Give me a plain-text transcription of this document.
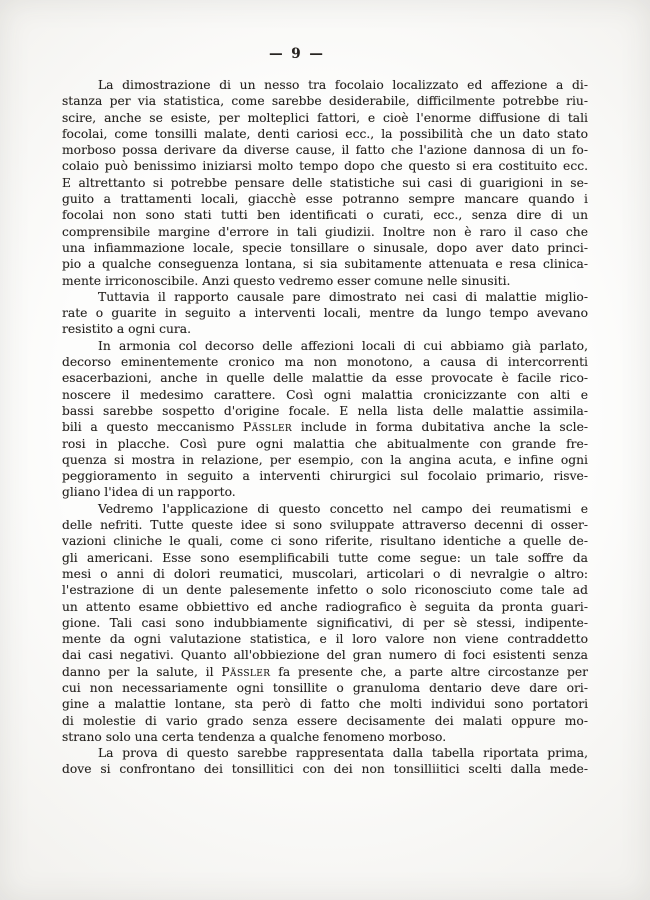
— 9 —
La dimostrazione di un nesso tra focolaio localizzato ed affezione a di-
stanza per via statistica, come sarebbe desiderabile, difficilmente potrebbe riu-
scire, anche se esiste, per molteplici fattori, e cioè l'enorme diffusione di tali
focolai, come tonsilli malate, denti cariosi ecc., la possibilità che un dato stato
morboso possa derivare da diverse cause, il fatto che l'azione dannosa di un fo-
colaio può benissimo iniziarsi molto tempo dopo che questo si era costituito ecc.
E altrettanto si potrebbe pensare delle statistiche sui casi di guarigioni in se-
guito a trattamenti locali, giacchè esse potranno sempre mancare quando i
focolai non sono stati tutti ben identificati o curati, ecc., senza dire di un
comprensibile margine d'errore in tali giudizii. Inoltre non è raro il caso che
una infiammazione locale, specie tonsillare o sinusale, dopo aver dato princi-
pio a qualche conseguenza lontana, si sia subitamente attenuata e resa clinica-
mente irriconoscibile. Anzi questo vedremo esser comune nelle sinusiti.
Tuttavia il rapporto causale pare dimostrato nei casi di malattie miglio-
rate o guarite in seguito a interventi locali, mentre da lungo tempo avevano
resistito a ogni cura.
In armonia col decorso delle affezioni locali di cui abbiamo già parlato,
decorso eminentemente cronico ma non monotono, a causa di intercorrenti
esacerbazioni, anche in quelle delle malattie da esse provocate è facile rico-
noscere il medesimo carattere. Così ogni malattia cronicizzante con alti e
bassi sarebbe sospetto d'origine focale. E nella lista delle malattie assimila-
bili a questo meccanismo Pässler include in forma dubitativa anche la scle-
rosi in placche. Così pure ogni malattia che abitualmente con grande fre-
quenza si mostra in relazione, per esempio, con la angina acuta, e infine ogni
peggioramento in seguito a interventi chirurgici sul focolaio primario, risve-
gliano l'idea di un rapporto.
Vedremo l'applicazione di questo concetto nel campo dei reumatismi e
delle nefriti. Tutte queste idee si sono sviluppate attraverso decenni di osser-
vazioni cliniche le quali, come ci sono riferite, risultano identiche a quelle de-
gli americani. Esse sono esemplificabili tutte come segue: un tale soffre da
mesi o anni di dolori reumatici, muscolari, articolari o di nevralgie o altro:
l'estrazione di un dente palesemente infetto o solo riconosciuto come tale ad
un attento esame obbiettivo ed anche radiografico è seguita da pronta guari-
gione. Tali casi sono indubbiamente significativi, di per sè stessi, indipente-
mente da ogni valutazione statistica, e il loro valore non viene contraddetto
dai casi negativi. Quanto all'obbiezione del gran numero di foci esistenti senza
danno per la salute, il Pässler fa presente che, a parte altre circostanze per
cui non necessariamente ogni tonsillite o granuloma dentario deve dare ori-
gine a malattie lontane, sta però di fatto che molti individui sono portatori
di molestie di vario grado senza essere decisamente dei malati oppure mo-
strano solo una certa tendenza a qualche fenomeno morboso.
La prova di questo sarebbe rappresentata dalla tabella riportata prima,
dove si confrontano dei tonsillitici con dei non tonsilliitici scelti dalla mede-
